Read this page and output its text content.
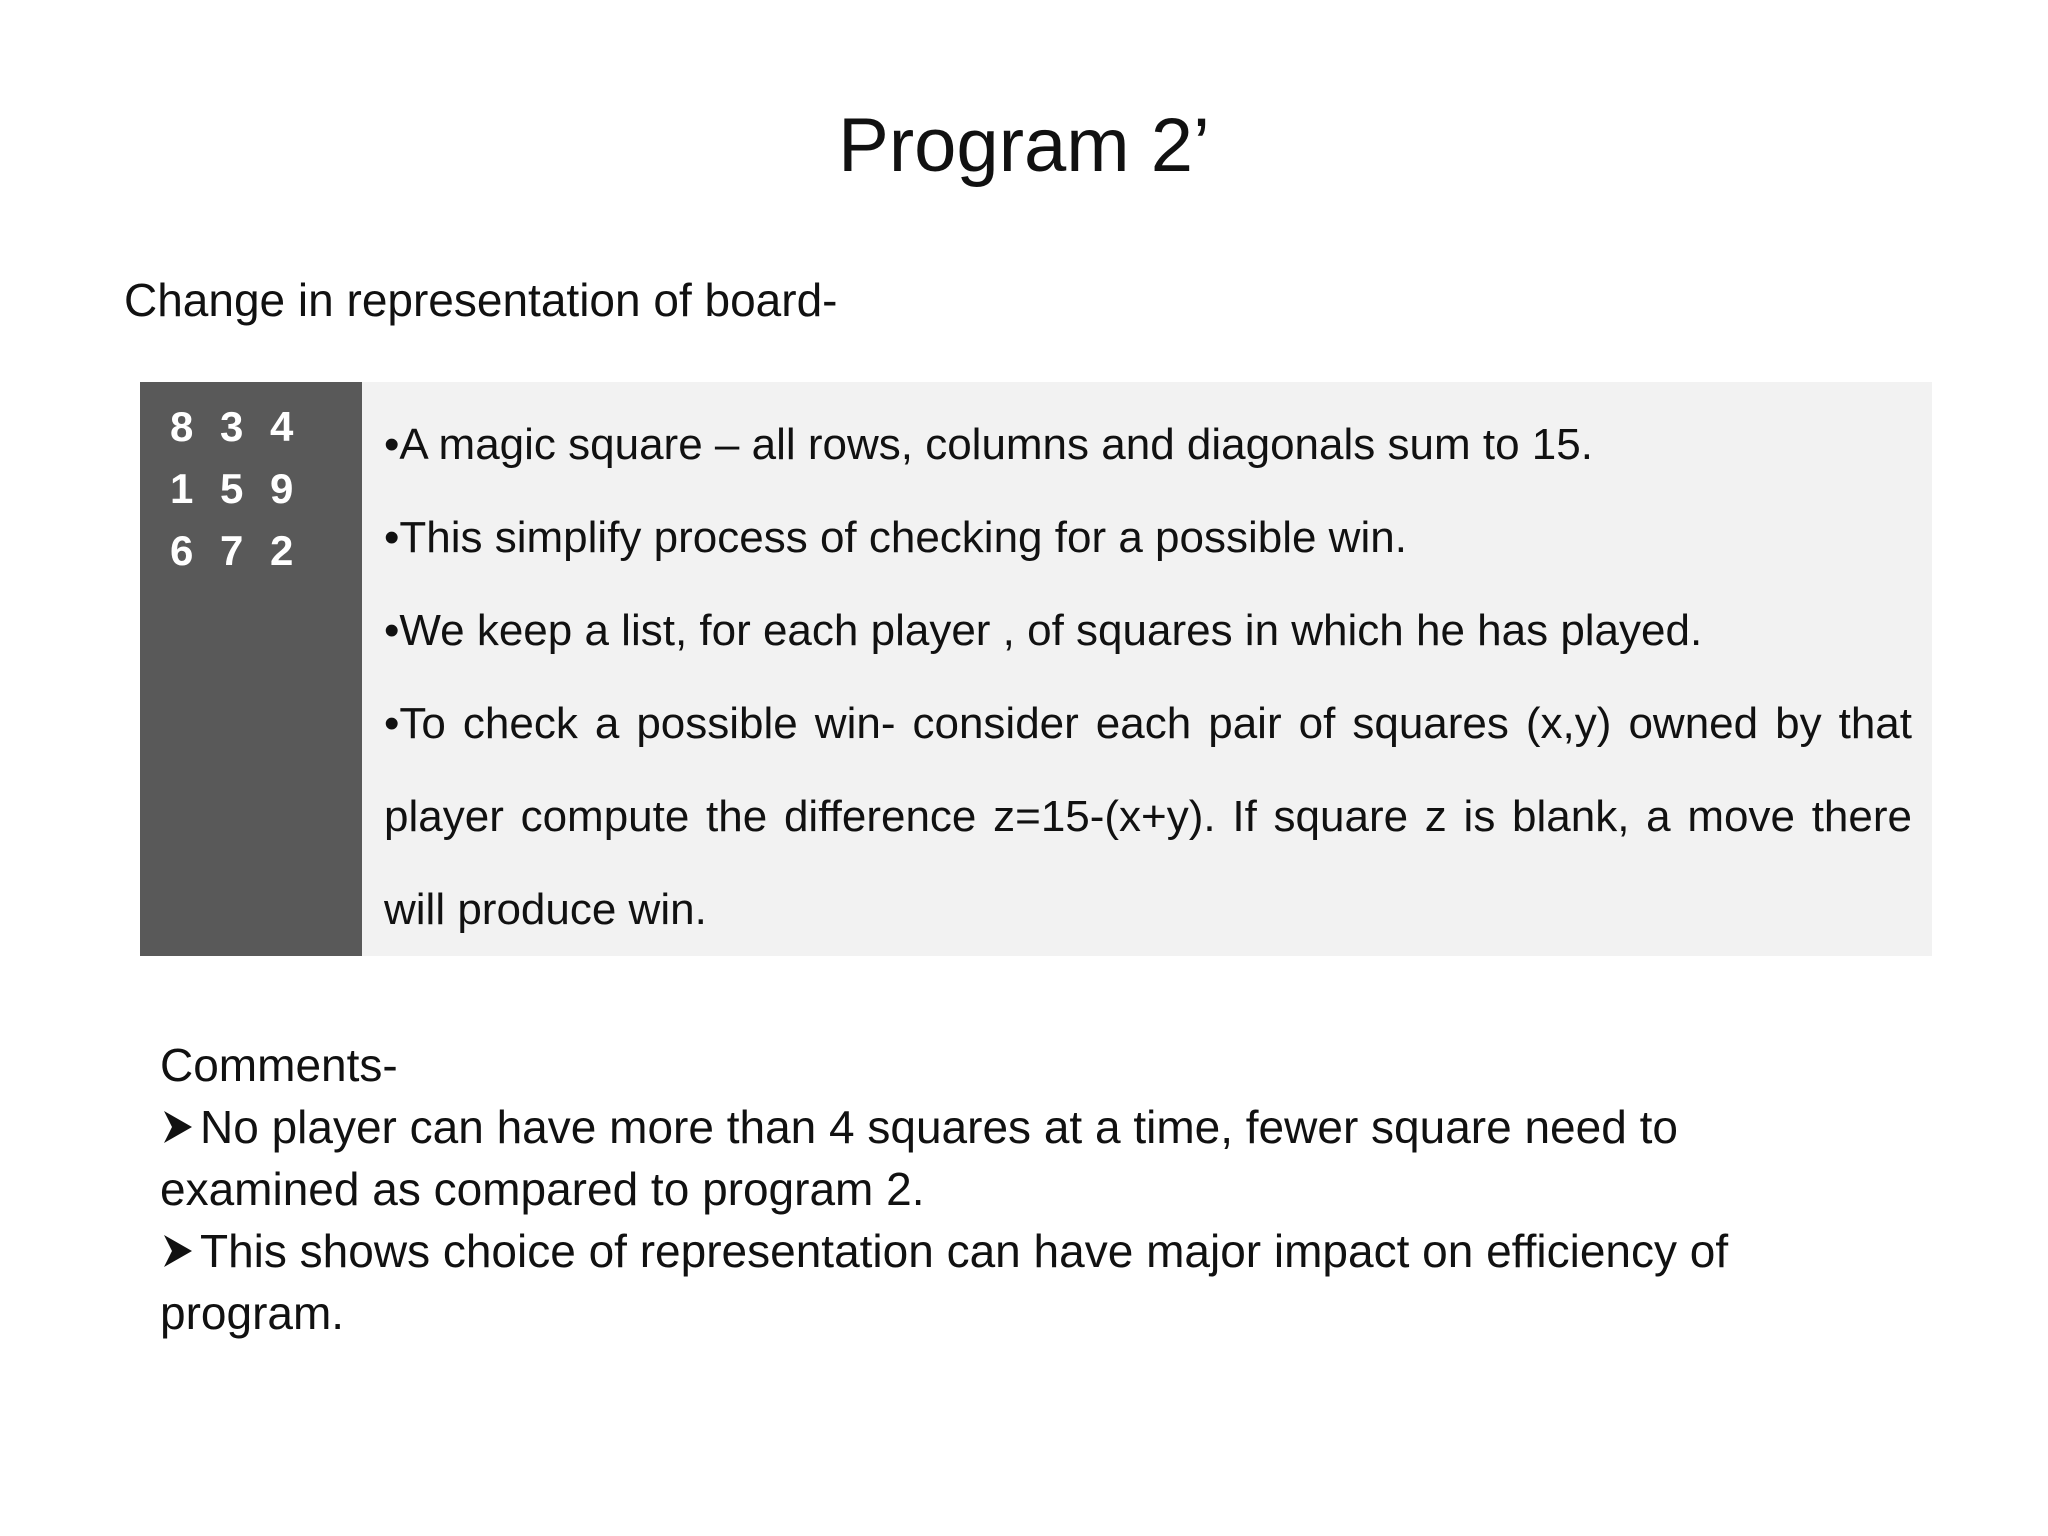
Program 2’

Change in representation of board-

8 3 4
1 5 9
6 7 2

•A magic square – all rows, columns and diagonals sum to 15.

•This simplify process of checking for a possible win.

•We keep a list, for each player , of squares in which he has played.

•To check a possible win- consider each pair of squares (x,y) owned by that player compute the difference z=15-(x+y). If square z is blank, a move there will produce win.

Comments-

No player can have more than 4 squares at a time, fewer square need to examined as compared to program 2.

This shows choice of representation can have major impact on efficiency of program.
